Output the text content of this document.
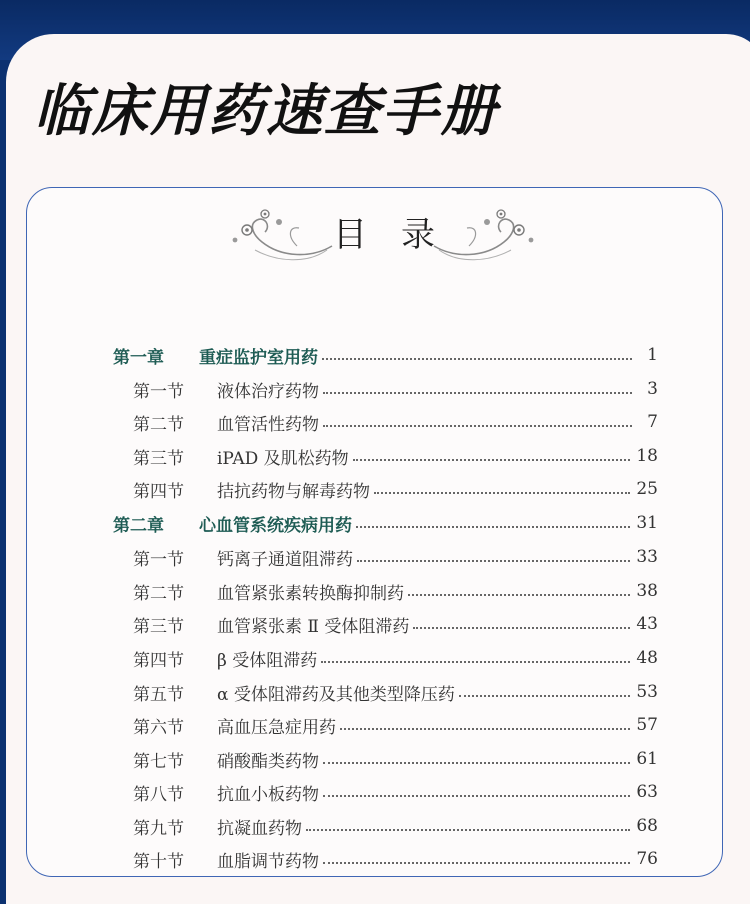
临床用药速查手册
目录
第一章	重症监护室用药	1
第一节	液体治疗药物	3
第二节	血管活性药物	7
第三节	iPAD 及肌松药物	18
第四节	拮抗药物与解毒药物	25
第二章	心血管系统疾病用药	31
第一节	钙离子通道阻滞药	33
第二节	血管紧张素转换酶抑制药	38
第三节	血管紧张素 Ⅱ 受体阻滞药	43
第四节	β 受体阻滞药	48
第五节	α 受体阻滞药及其他类型降压药	53
第六节	高血压急症用药	57
第七节	硝酸酯类药物	61
第八节	抗血小板药物	63
第九节	抗凝血药物	68
第十节	血脂调节药物	76
